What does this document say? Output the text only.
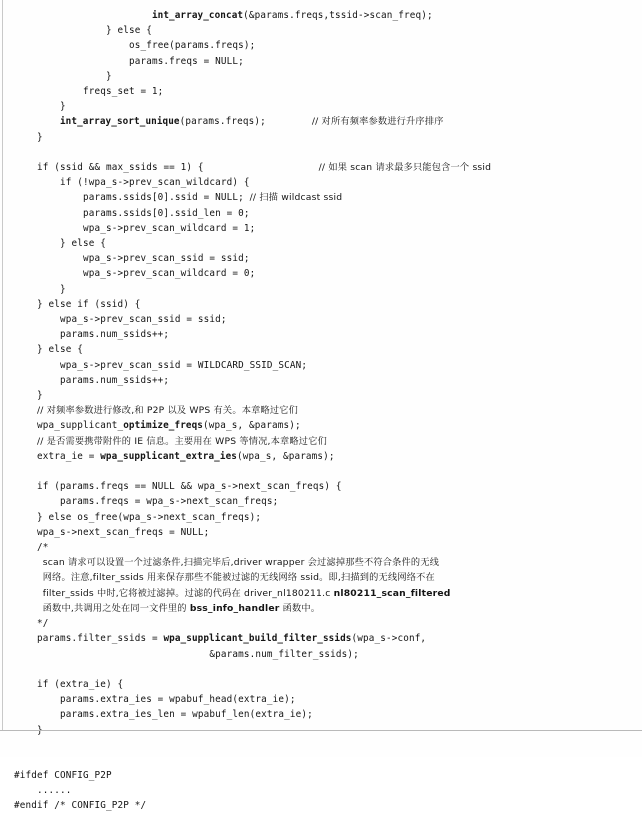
int_array_concat(&params.freqs,tssid->scan_freq);
} else {
os_free(params.freqs);
params.freqs = NULL;
}
freqs_set = 1;
}
int_array_sort_unique(params.freqs);	// 对所有频率参数进行升序排序
}

if (ssid && max_ssids == 1) {	// 如果 scan 请求最多只能包含一个 ssid
if (!wpa_s->prev_scan_wildcard) {
params.ssids[0].ssid = NULL; // 扫描 wildcast ssid
params.ssids[0].ssid_len = 0;
wpa_s->prev_scan_wildcard = 1;
} else {
wpa_s->prev_scan_ssid = ssid;
wpa_s->prev_scan_wildcard = 0;
}
} else if (ssid) {
wpa_s->prev_scan_ssid = ssid;
params.num_ssids++;
} else {
wpa_s->prev_scan_ssid = WILDCARD_SSID_SCAN;
params.num_ssids++;
}
// 对频率参数进行修改,和 P2P 以及 WPS 有关。本章略过它们
wpa_supplicant_optimize_freqs(wpa_s, &params);
// 是否需要携带附件的 IE 信息。主要用在 WPS 等情况,本章略过它们
extra_ie = wpa_supplicant_extra_ies(wpa_s, &params);

if (params.freqs == NULL && wpa_s->next_scan_freqs) {
params.freqs = wpa_s->next_scan_freqs;
} else os_free(wpa_s->next_scan_freqs);
wpa_s->next_scan_freqs = NULL;
/*
scan 请求可以设置一个过滤条件,扫描完毕后,driver wrapper 会过滤掉那些不符合条件的无线
网络。注意,filter_ssids 用来保存那些不能被过滤的无线网络 ssid。即,扫描到的无线网络不在
filter_ssids 中时,它将被过滤掉。过滤的代码在 driver_nl180211.c nl80211_scan_filtered
函数中,共调用之处在同一文件里的 bss_info_handler 函数中。
*/
params.filter_ssids = wpa_supplicant_build_filter_ssids(wpa_s->conf,
&params.num_filter_ssids);

if (extra_ie) {
params.extra_ies = wpabuf_head(extra_ie);
params.extra_ies_len = wpabuf_len(extra_ie);
}

#ifdef CONFIG_P2P
......
#endif /* CONFIG_P2P */
